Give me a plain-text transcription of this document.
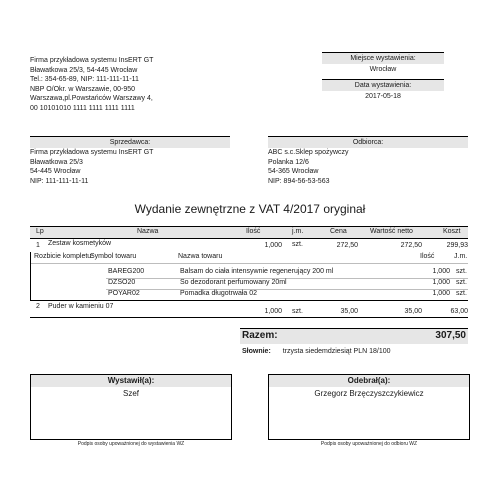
Firma przykładowa systemu InsERT GT
Bławatkowa 25/3, 54-445 Wrocław
Tel.: 354-65-89, NIP: 111-111-11-11
NBP O/Okr. w Warszawie, 00-950
Warszawa,pl.Powstańców Warszawy 4,
00 10101010 1111 1111 1111 1111
Miejsce wystawienia:
Wrocław
Data wystawienia:
2017-05-18
Sprzedawca:
Firma przykładowa systemu InsERT GT
Bławatkowa 25/3
54-445 Wrocław
NIP: 111-111-11-11
Odbiorca:
ABC s.c.Sklep spożywczy
Polanka 12/6
54-365 Wrocław
NIP: 894-56-53-563
Wydanie zewnętrzne z VAT 4/2017 oryginał
Lp	Nazwa	Ilość	j.m.	Cena	Wartość netto	Koszt
1 Zestaw kosmetyków	1,000 szt.	272,50	272,50	299,93
Rozbicie kompletu:
Symbol towaru	Nazwa towaru	Ilość	J.m.
BAREG200	Balsam do ciała intensywnie regenerujący 200 ml	1,000 szt.
DZSO20	So dezodorant perfumowany 20ml	1,000 szt.
POYAR02	Pomadka długotrwała 02	1,000 szt.
2 Puder w kamieniu 07
1,000 szt.	35,00	35,00	63,00
Razem:	307,50
Słownie: trzysta siedemdziesiąt PLN 18/100
Wystawił(a):
Szef
Podpis osoby upoważnionej do wystawienia WZ
Odebrał(a):
Grzegorz Brzęczyszczykiewicz
Podpis osoby upoważnionej do odbioru WZ
